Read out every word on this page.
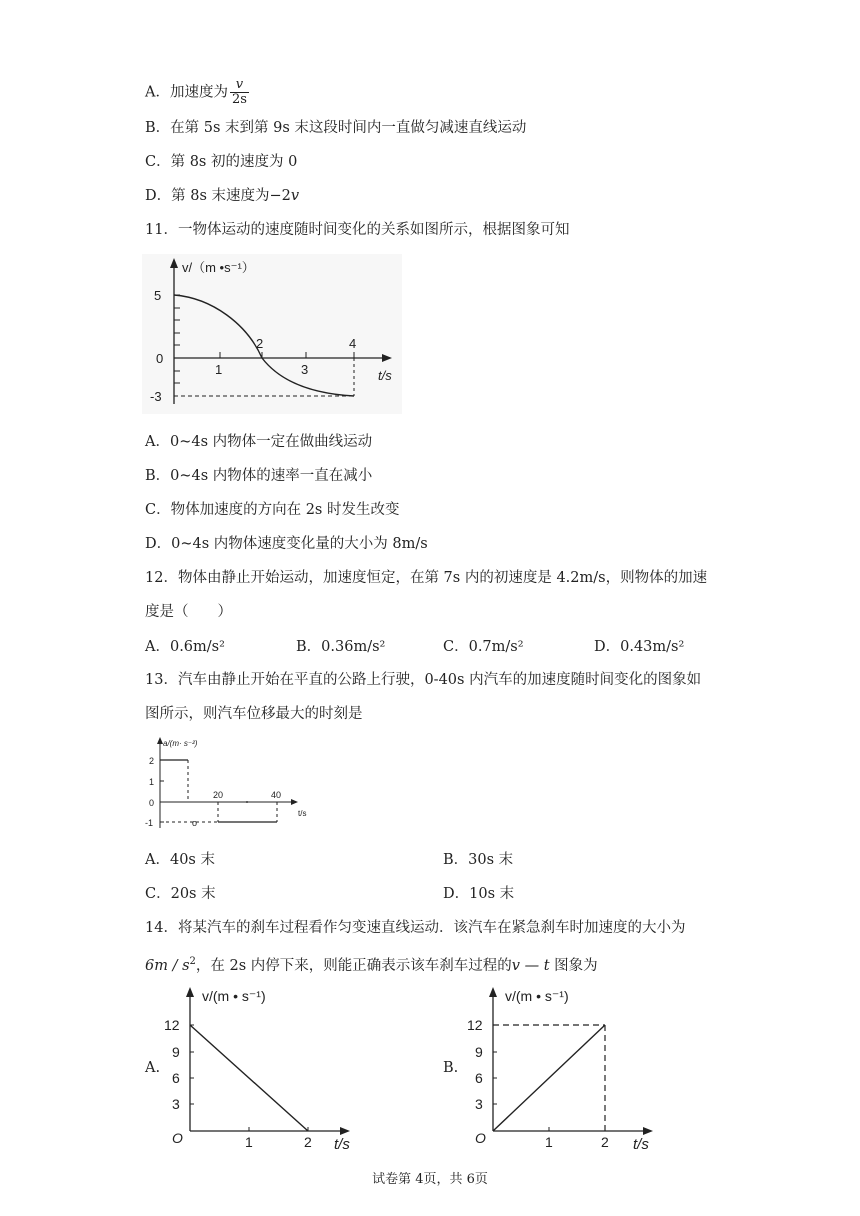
A．加速度为 $\frac{v}{2s}$
B．在第 5s 末到第 9s 末这段时间内一直做匀减速直线运动
C．第 8s 初的速度为 0
D．第 8s 末速度为−2v
11．一物体运动的速度随时间变化的关系如图所示，根据图象可知
v/（m •s⁻¹）
5
0
-3
1
2
3
4
t/s
A．0~4s 内物体一定在做曲线运动
B．0~4s 内物体的速率一直在减小
C．物体加速度的方向在 2s 时发生改变
D．0~4s 内物体速度变化量的大小为 8m/s
12．物体由静止开始运动，加速度恒定，在第 7s 内的初速度是 4.2m/s，则物体的加速
度是（　　）
A．0.6m/s²	B．0.36m/s²	C．0.7m/s²	D．0.43m/s²
13．汽车由静止开始在平直的公路上行驶，0-40s 内汽车的加速度随时间变化的图象如
图所示，则汽车位移最大的时刻是
a/(m· s⁻²)
2
1
0
-1
20	40
o
t/s
A．40s 末	B．30s 末
C．20s 末	D．10s 末
14．将某汽车的刹车过程看作匀变速直线运动．该汽车在紧急刹车时加速度的大小为
$6m / s^2$，在 2s 内停下来，则能正确表示该车刹车过程的v — t 图象为
A.
v/(m • s⁻¹)
12
9
6
3
O	1	2 t/s
B.
v/(m • s⁻¹)
12
9
6
3
O	1	2 t/s
试卷第 4页，共 6页
